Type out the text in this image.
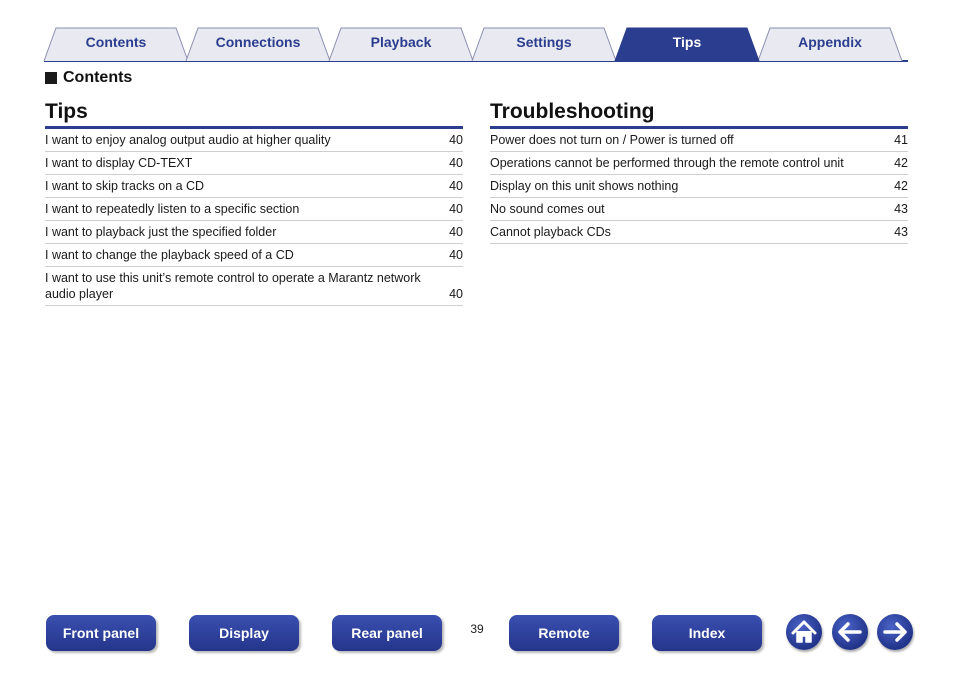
Contents	Connections	Playback	Settings	Tips	Appendix
Contents
Tips
I want to enjoy analog output audio at higher quality	40
I want to display CD-TEXT	40
I want to skip tracks on a CD	40
I want to repeatedly listen to a specific section	40
I want to playback just the specified folder	40
I want to change the playback speed of a CD	40
I want to use this unit’s remote control to operate a Marantz network audio player	40
Troubleshooting
Power does not turn on / Power is turned off	41
Operations cannot be performed through the remote control unit	42
Display on this unit shows nothing	42
No sound comes out	43
Cannot playback CDs	43
Front panel	Display	Rear panel	39	Remote	Index
